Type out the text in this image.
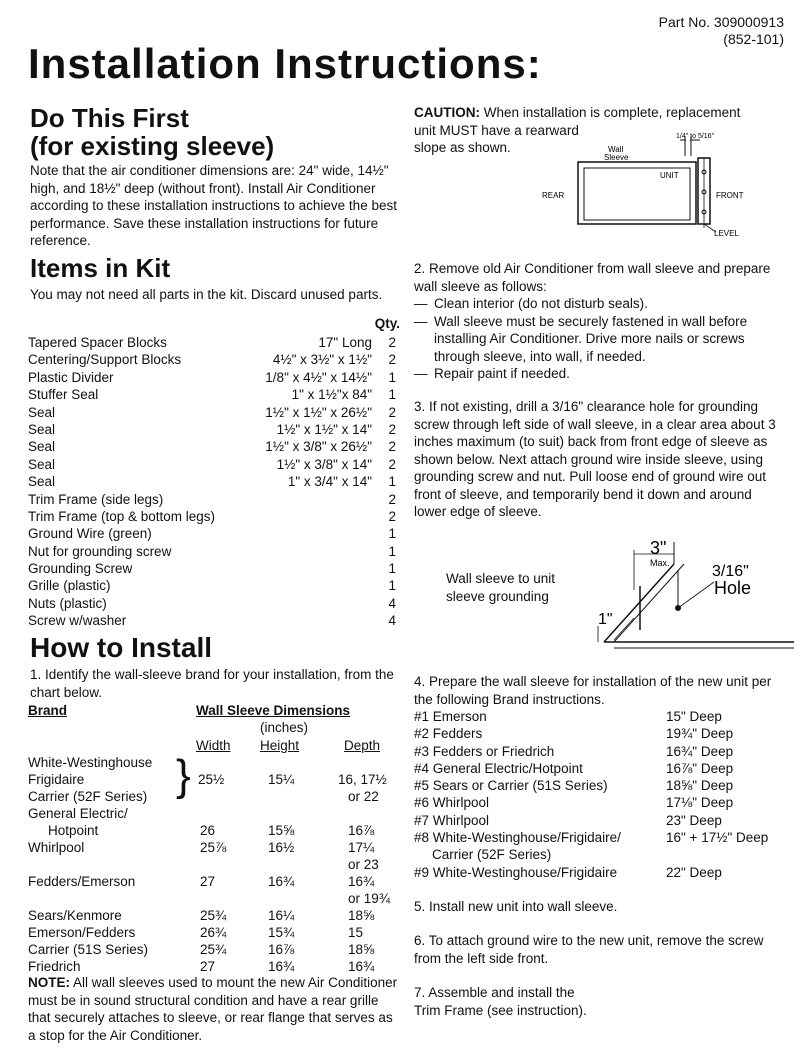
Part No. 309000913
(852-101)
Installation Instructions:
Do This First
(for existing sleeve)
Note that the air conditioner dimensions are: 24" wide, 14½" high, and 18½" deep (without front). Install Air Conditioner according to these installation instructions to achieve the best performance. Save these installation instructions for future reference.
Items in Kit
You may not need all parts in the kit. Discard unused parts.
Qty.
Tapered Spacer Blocks	17" Long	2
Centering/Support Blocks	4½" x 3½" x 1½"	2
Plastic Divider	1/8" x 4½" x 14½"	1
Stuffer Seal	1" x 1½"x 84"	1
Seal	1½" x 1½" x 26½"	2
Seal	1½" x 1½" x 14"	2
Seal	1½" x 3/8" x 26½"	2
Seal	1½" x 3/8" x 14"	2
Seal	1" x 3/4" x 14"	1
Trim Frame (side legs)	2
Trim Frame (top & bottom legs)	2
Ground Wire (green)	1
Nut for grounding screw	1
Grounding Screw	1
Grille (plastic)	1
Nuts (plastic)	4
Screw w/washer	4
How to Install
1. Identify the wall-sleeve brand for your installation, from the chart below.
Brand	Wall Sleeve Dimensions
(inches)
Width Height	Depth
White-Westinghouse
Frigidaire
Carrier (52F Series) } 25½	15¼	16, 17½
or 22
General Electric/
Hotpoint	26	15⅝	16⅞
Whirlpool	25⅞	16½	17¼
or 23
Fedders/Emerson	27	16¾	16¾
or 19¾
Sears/Kenmore	25¾	16¼	18⅝
Emerson/Fedders	26¾	15¾	15
Carrier (51S Series)	25¾	16⅞	18⅝
Friedrich	27	16¾	16¾
NOTE: All wall sleeves used to mount the new Air Conditioner must be in sound structural condition and have a rear grille that securely attaches to sleeve, or rear flange that serves as a stop for the Air Conditioner.
CAUTION: When installation is complete, replacement
unit MUST have a rearward
slope as shown.
1/4" to 5/16"
Wall
Sleeve
UNIT
REAR	FRONT
LEVEL
2. Remove old Air Conditioner from wall sleeve and prepare wall sleeve as follows:
— Clean interior (do not disturb seals).
— Wall sleeve must be securely fastened in wall before installing Air Conditioner. Drive more nails or screws through sleeve, into wall, if needed.
— Repair paint if needed.
3. If not existing, drill a 3/16" clearance hole for grounding screw through left side of wall sleeve, in a clear area about 3 inches maximum (to suit) back from front edge of sleeve as shown below. Next attach ground wire inside sleeve, using grounding screw and nut. Pull loose end of ground wire out front of sleeve, and temporarily bend it down and around lower edge of sleeve.
Wall sleeve to unit
sleeve grounding
3"
Max.	3/16"
Hole
1"
4. Prepare the wall sleeve for installation of the new unit per the following Brand instructions.
#1 Emerson	15" Deep
#2 Fedders	19¾" Deep
#3 Fedders or Friedrich	16¾" Deep
#4 General Electric/Hotpoint	16⅞" Deep
#5 Sears or Carrier (51S Series)	18⅝" Deep
#6 Whirlpool	17⅛" Deep
#7 Whirlpool	23" Deep
#8 White-Westinghouse/Frigidaire/	16" + 17½" Deep
Carrier (52F Series)
#9 White-Westinghouse/Frigidaire	22" Deep
5. Install new unit into wall sleeve.
6. To attach ground wire to the new unit, remove the screw from the left side front.
7. Assemble and install the
Trim Frame (see instruction).
